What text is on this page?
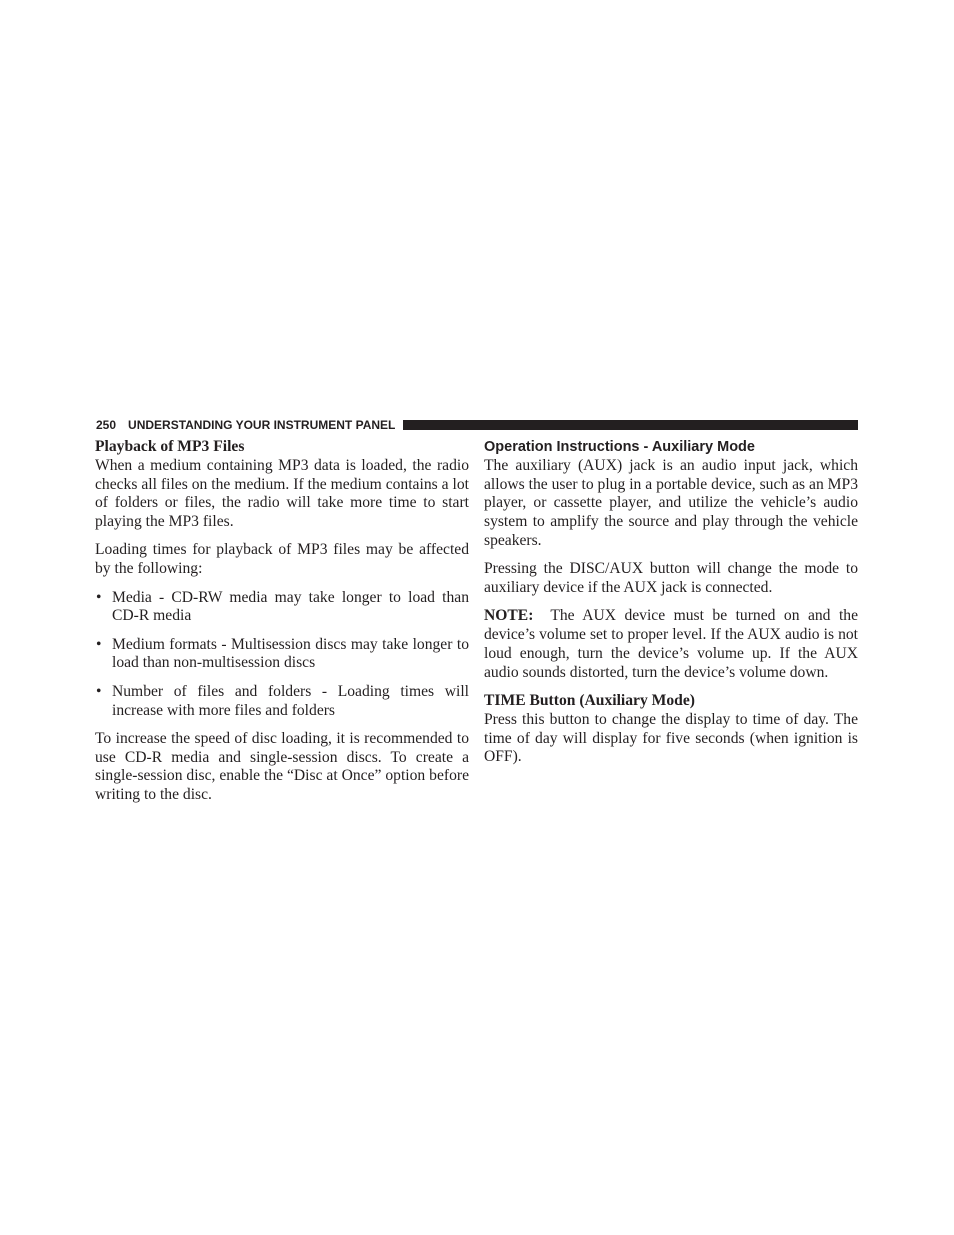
250 UNDERSTANDING YOUR INSTRUMENT PANEL
Playback of MP3 Files

When a medium containing MP3 data is loaded, the radio checks all files on the medium. If the medium contains a lot of folders or files, the radio will take more time to start playing the MP3 files.

Loading times for playback of MP3 files may be affected by the following:

• Media - CD-RW media may take longer to load than CD-R media
• Medium formats - Multisession discs may take longer to load than non-multisession discs
• Number of files and folders - Loading times will increase with more files and folders

To increase the speed of disc loading, it is recommended to use CD-R media and single-session discs. To create a single-session disc, enable the “Disc at Once” option before writing to the disc.

Operation Instructions - Auxiliary Mode

The auxiliary (AUX) jack is an audio input jack, which allows the user to plug in a portable device, such as an MP3 player, or cassette player, and utilize the vehicle’s audio system to amplify the source and play through the vehicle speakers.

Pressing the DISC/AUX button will change the mode to auxiliary device if the AUX jack is connected.

NOTE: The AUX device must be turned on and the device’s volume set to proper level. If the AUX audio is not loud enough, turn the device’s volume up. If the AUX audio sounds distorted, turn the device’s volume down.

TIME Button (Auxiliary Mode)

Press this button to change the display to time of day. The time of day will display for five seconds (when ignition is OFF).
